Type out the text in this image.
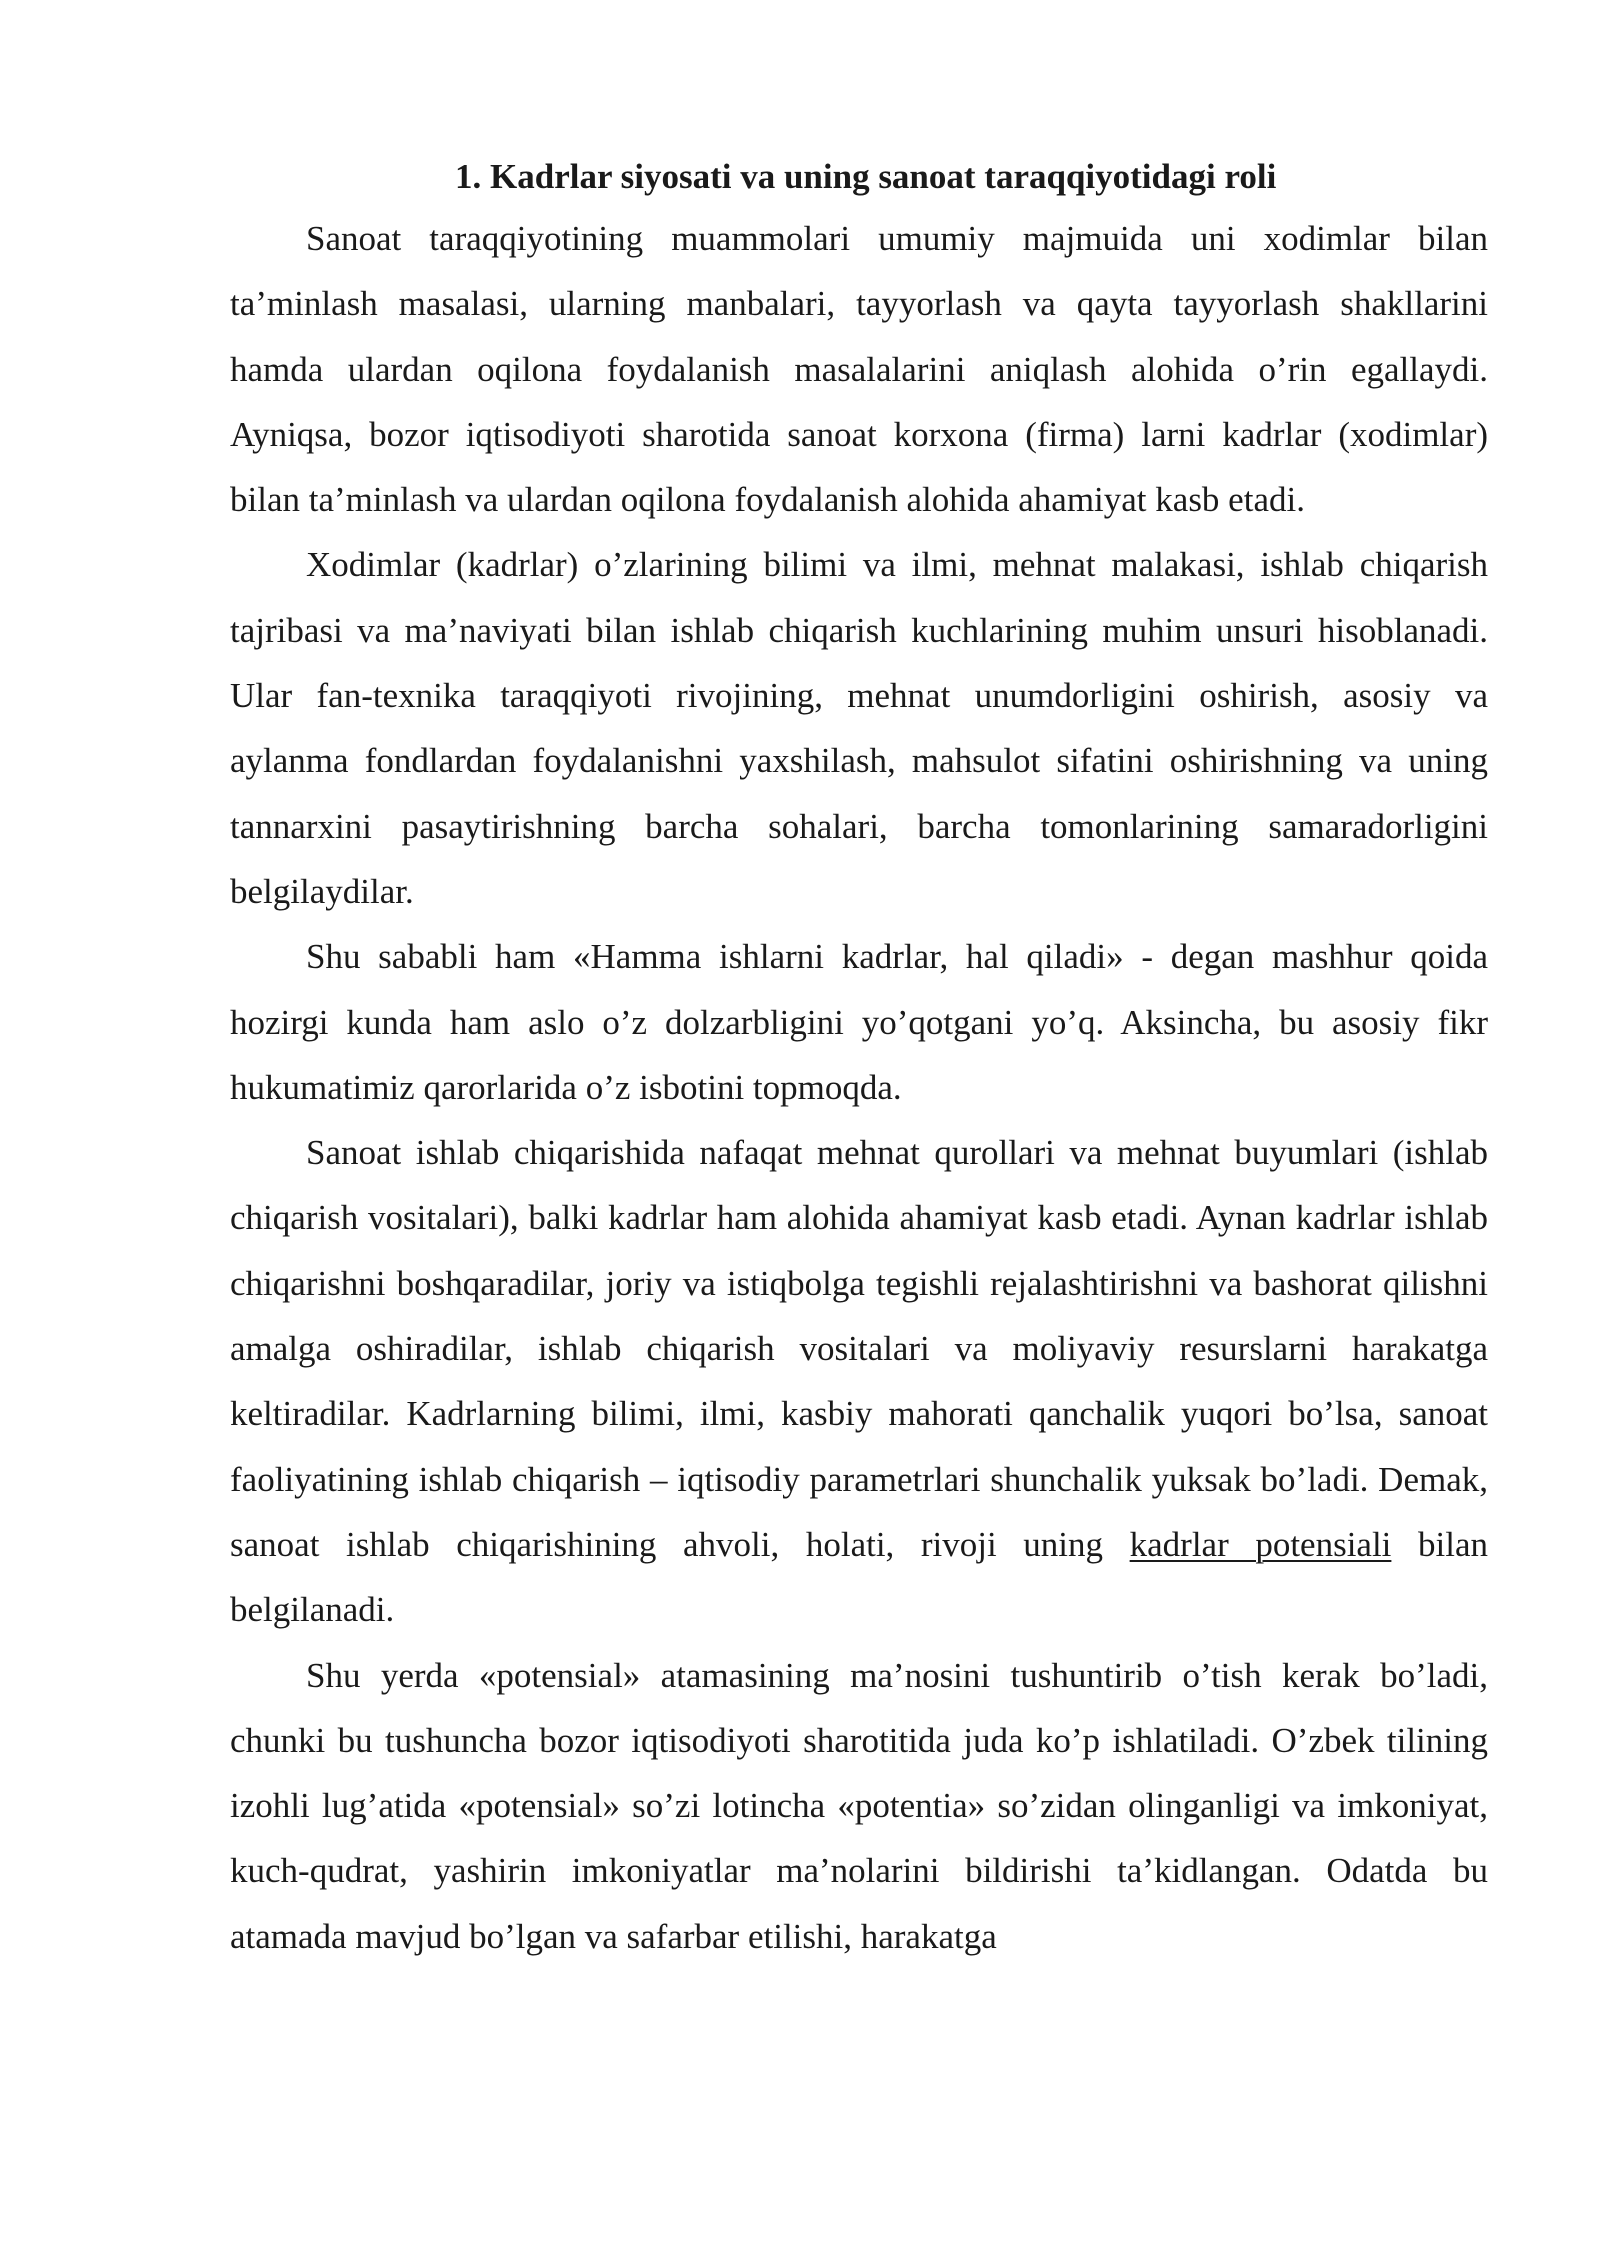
1. Kadrlar siyosati va uning sanoat taraqqiyotidagi roli

Sanoat taraqqiyotining muammolari umumiy majmuida uni xodimlar bilan ta’minlash masalasi, ularning manbalari, tayyorlash va qayta tayyorlash shakllarini hamda ulardan oqilona foydalanish masalalarini aniqlash alohida o’rin egallaydi. Ayniqsa, bozor iqtisodiyoti sharotida sanoat korxona (firma) larni kadrlar (xodimlar) bilan ta’minlash va ulardan oqilona foydalanish alohida ahamiyat kasb etadi.

Xodimlar (kadrlar) o’zlarining bilimi va ilmi, mehnat malakasi, ishlab chiqarish tajribasi va ma’naviyati bilan ishlab chiqarish kuchlarining muhim unsuri hisoblanadi. Ular fan-texnika taraqqiyoti rivojining, mehnat unumdorligini oshirish, asosiy va aylanma fondlardan foydalanishni yaxshilash, mahsulot sifatini oshirishning va uning tannarxini pasaytirishning barcha sohalari, barcha tomonlarining samaradorligini belgilaydilar.

Shu sababli ham «Hamma ishlarni kadrlar, hal qiladi» - degan mashhur qoida hozirgi kunda ham aslo o’z dolzarbligini yo’qotgani yo’q. Aksincha, bu asosiy fikr hukumatimiz qarorlarida o’z isbotini topmoqda.

Sanoat ishlab chiqarishida nafaqat mehnat qurollari va mehnat buyumlari (ishlab chiqarish vositalari), balki kadrlar ham alohida ahamiyat kasb etadi. Aynan kadrlar ishlab chiqarishni boshqaradilar, joriy va istiqbolga tegishli rejalashtirishni va bashorat qilishni amalga oshiradilar, ishlab chiqarish vositalari va moliyaviy resurslarni harakatga keltiradilar. Kadrlarning bilimi, ilmi, kasbiy mahorati qanchalik yuqori bo’lsa, sanoat faoliyatining ishlab chiqarish – iqtisodiy parametrlari shunchalik yuksak bo’ladi. Demak, sanoat ishlab chiqarishining ahvoli, holati, rivoji uning kadrlar potensiali bilan belgilanadi.

Shu yerda «potensial» atamasining ma’nosini tushuntirib o’tish kerak bo’ladi, chunki bu tushuncha bozor iqtisodiyoti sharotitida juda ko’p ishlatiladi. O’zbek tilining izohli lug’atida «potensial» so’zi lotincha «potentia» so’zidan olinganligi va imkoniyat, kuch-qudrat, yashirin imkoniyatlar ma’nolarini bildirishi ta’kidlangan. Odatda bu atamada mavjud bo’lgan va safarbar etilishi, harakatga
